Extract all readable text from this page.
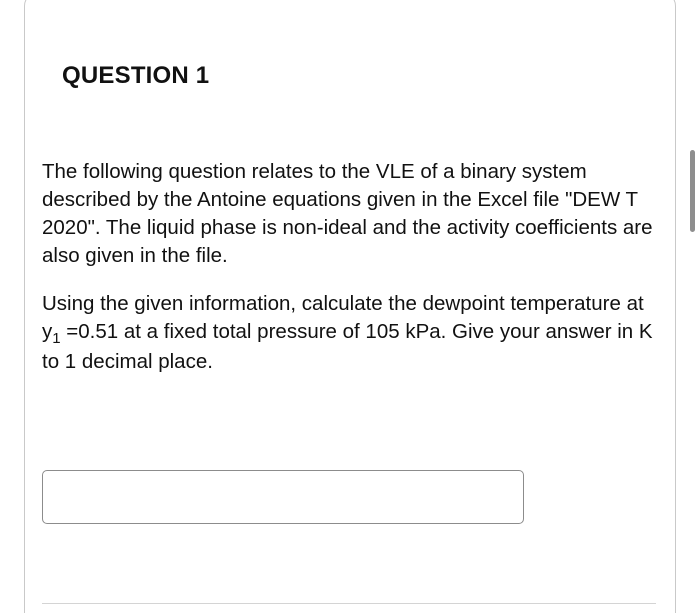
QUESTION 1

The following question relates to the VLE of a binary system described by the Antoine equations given in the Excel file "DEW T 2020". The liquid phase is non-ideal and the activity coefficients are also given in the file.

Using the given information, calculate the dewpoint temperature at $y_1 =0.51$ at a fixed total pressure of 105 kPa. Give your answer in K to 1 decimal place.
